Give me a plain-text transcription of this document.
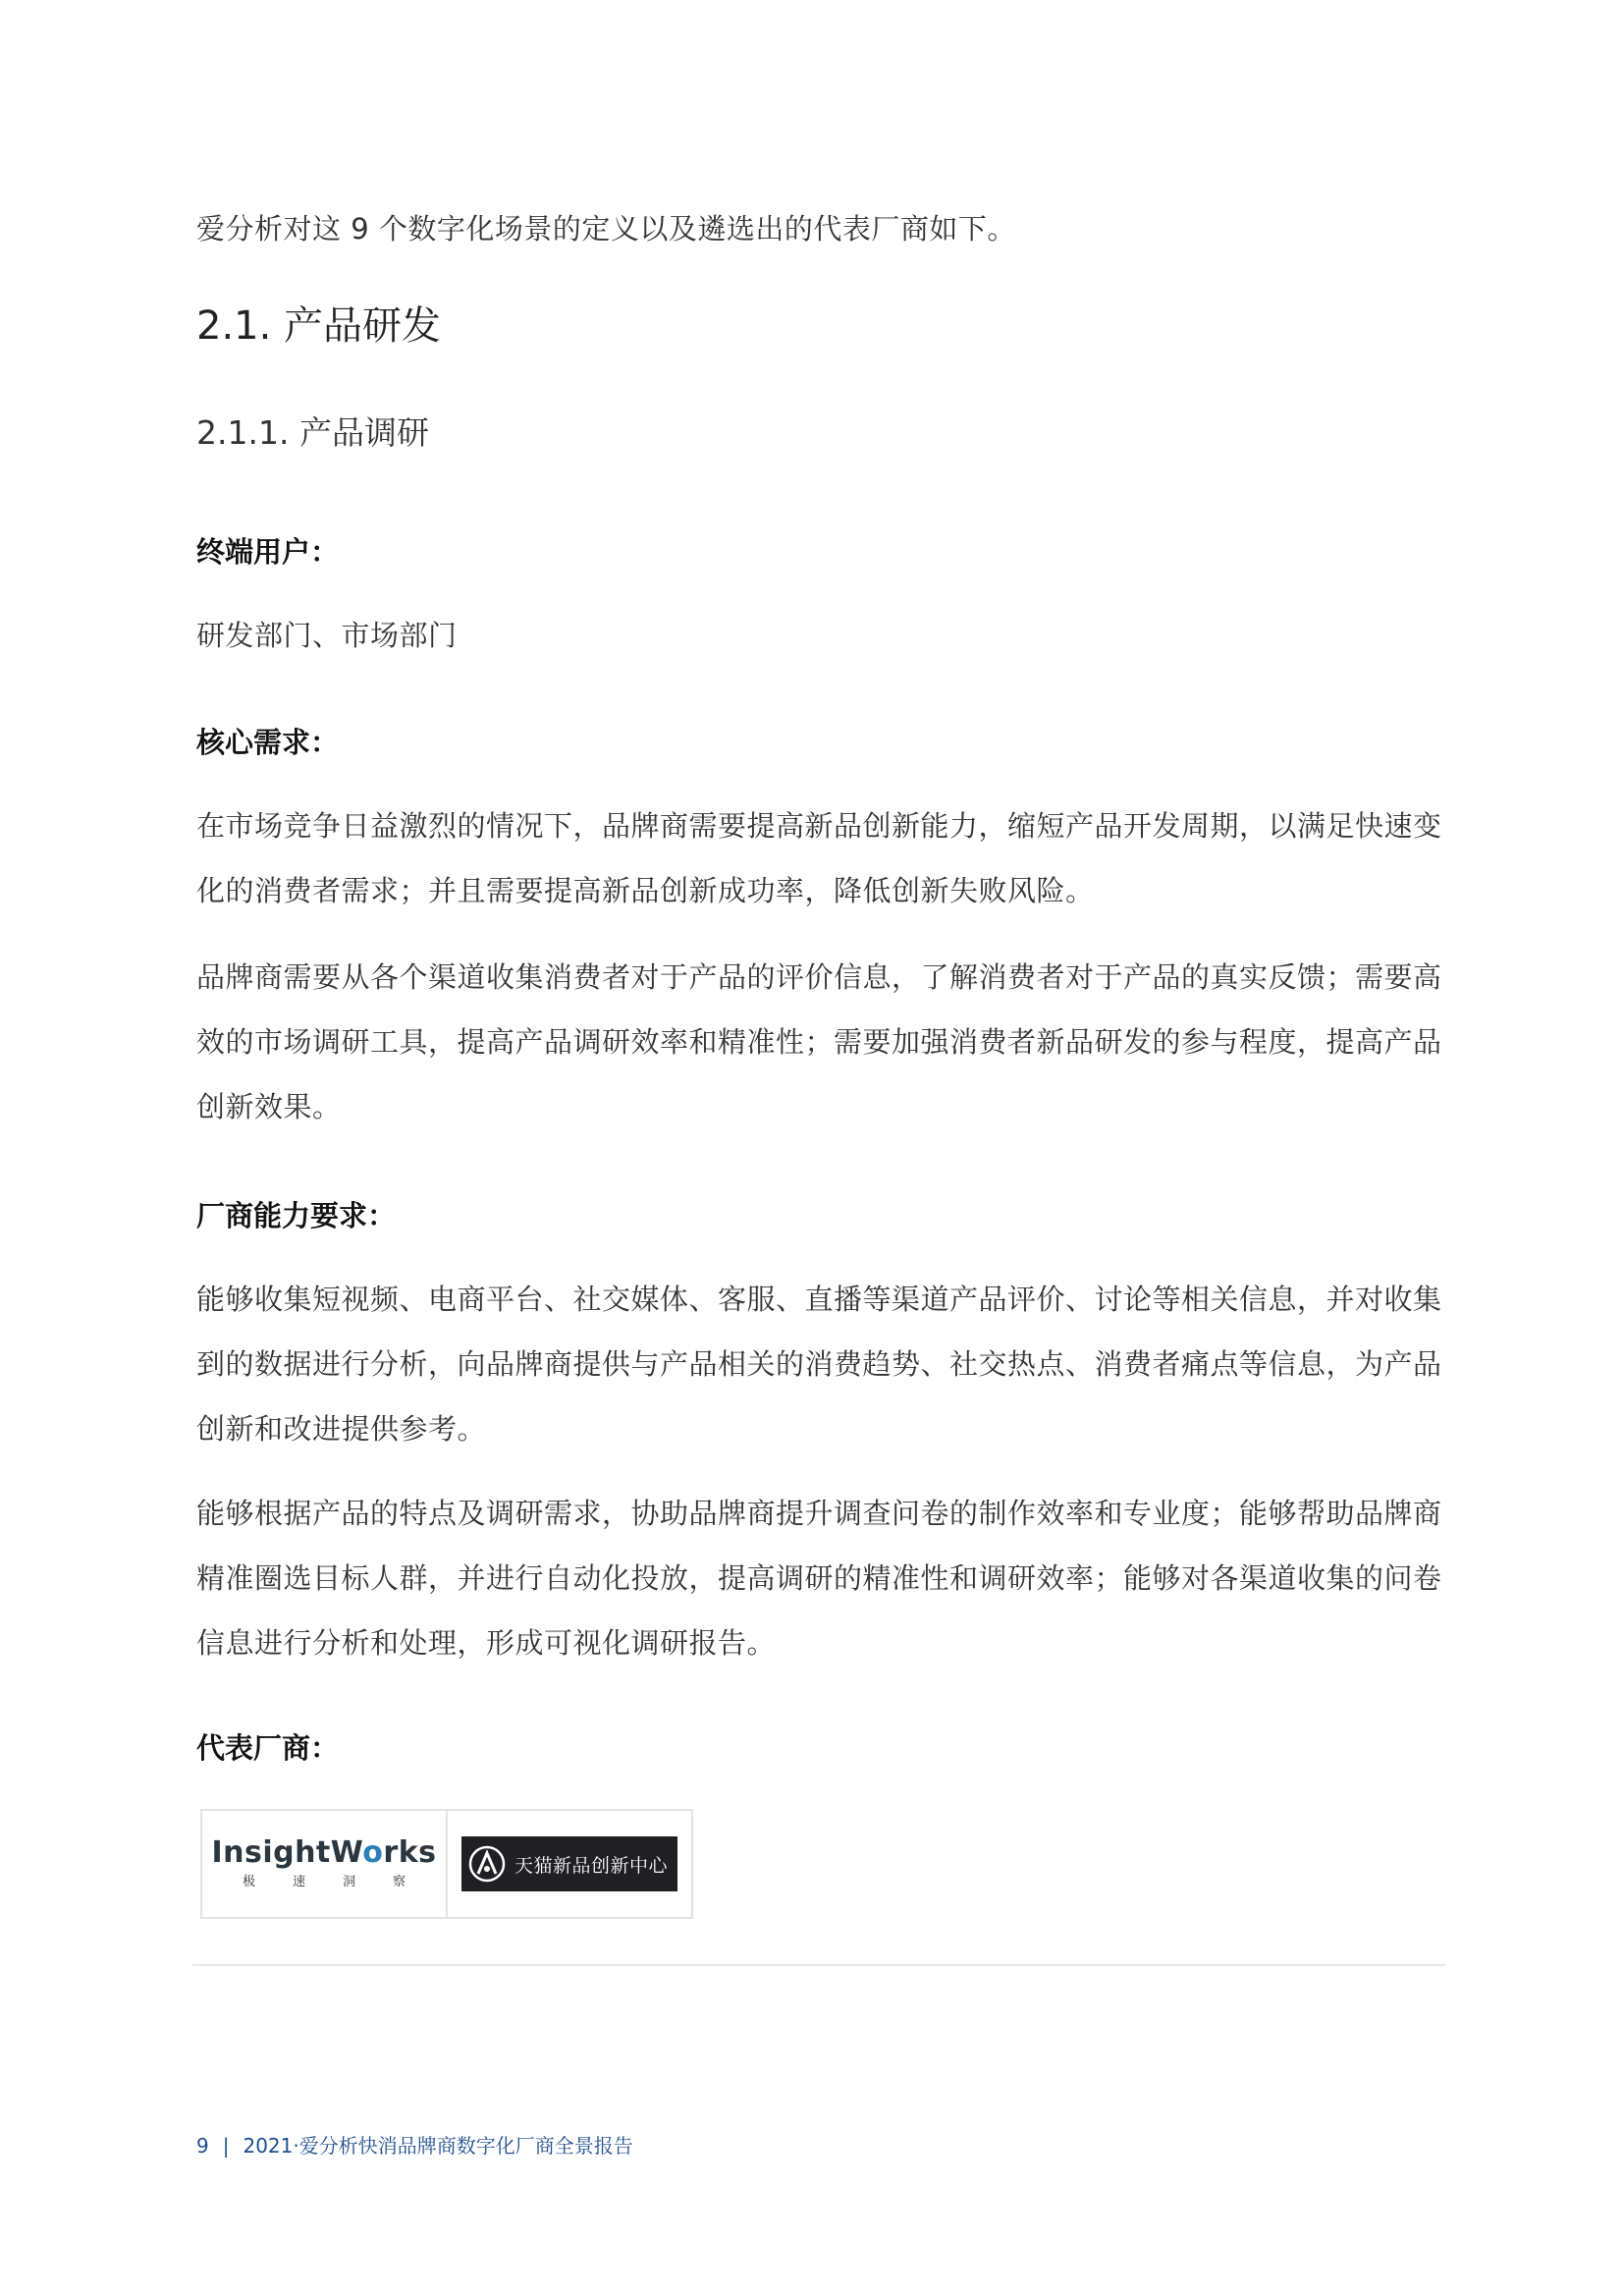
爱分析对这 9 个数字化场景的定义以及遴选出的代表厂商如下。

2.1. 产品研发
2.1.1. 产品调研

终端用户：

研发部门、市场部门

核心需求：

在市场竞争日益激烈的情况下，品牌商需要提高新品创新能力，缩短产品开发周期，以满足快速变化的消费者需求；并且需要提高新品创新成功率，降低创新失败风险。

品牌商需要从各个渠道收集消费者对于产品的评价信息，了解消费者对于产品的真实反馈；需要高效的市场调研工具，提高产品调研效率和精准性；需要加强消费者新品研发的参与程度，提高产品创新效果。

厂商能力要求：

能够收集短视频、电商平台、社交媒体、客服、直播等渠道产品评价、讨论等相关信息，并对收集到的数据进行分析，向品牌商提供与产品相关的消费趋势、社交热点、消费者痛点等信息，为产品创新和改进提供参考。

能够根据产品的特点及调研需求，协助品牌商提升调查问卷的制作效率和专业度；能够帮助品牌商精准圈选目标人群，并进行自动化投放，提高调研的精准性和调研效率；能够对各渠道收集的问卷信息进行分析和处理，形成可视化调研报告。

代表厂商：

InsightWorks
极速洞察
天猫新品创新中心

9 | 2021·爱分析快消品牌商数字化厂商全景报告
